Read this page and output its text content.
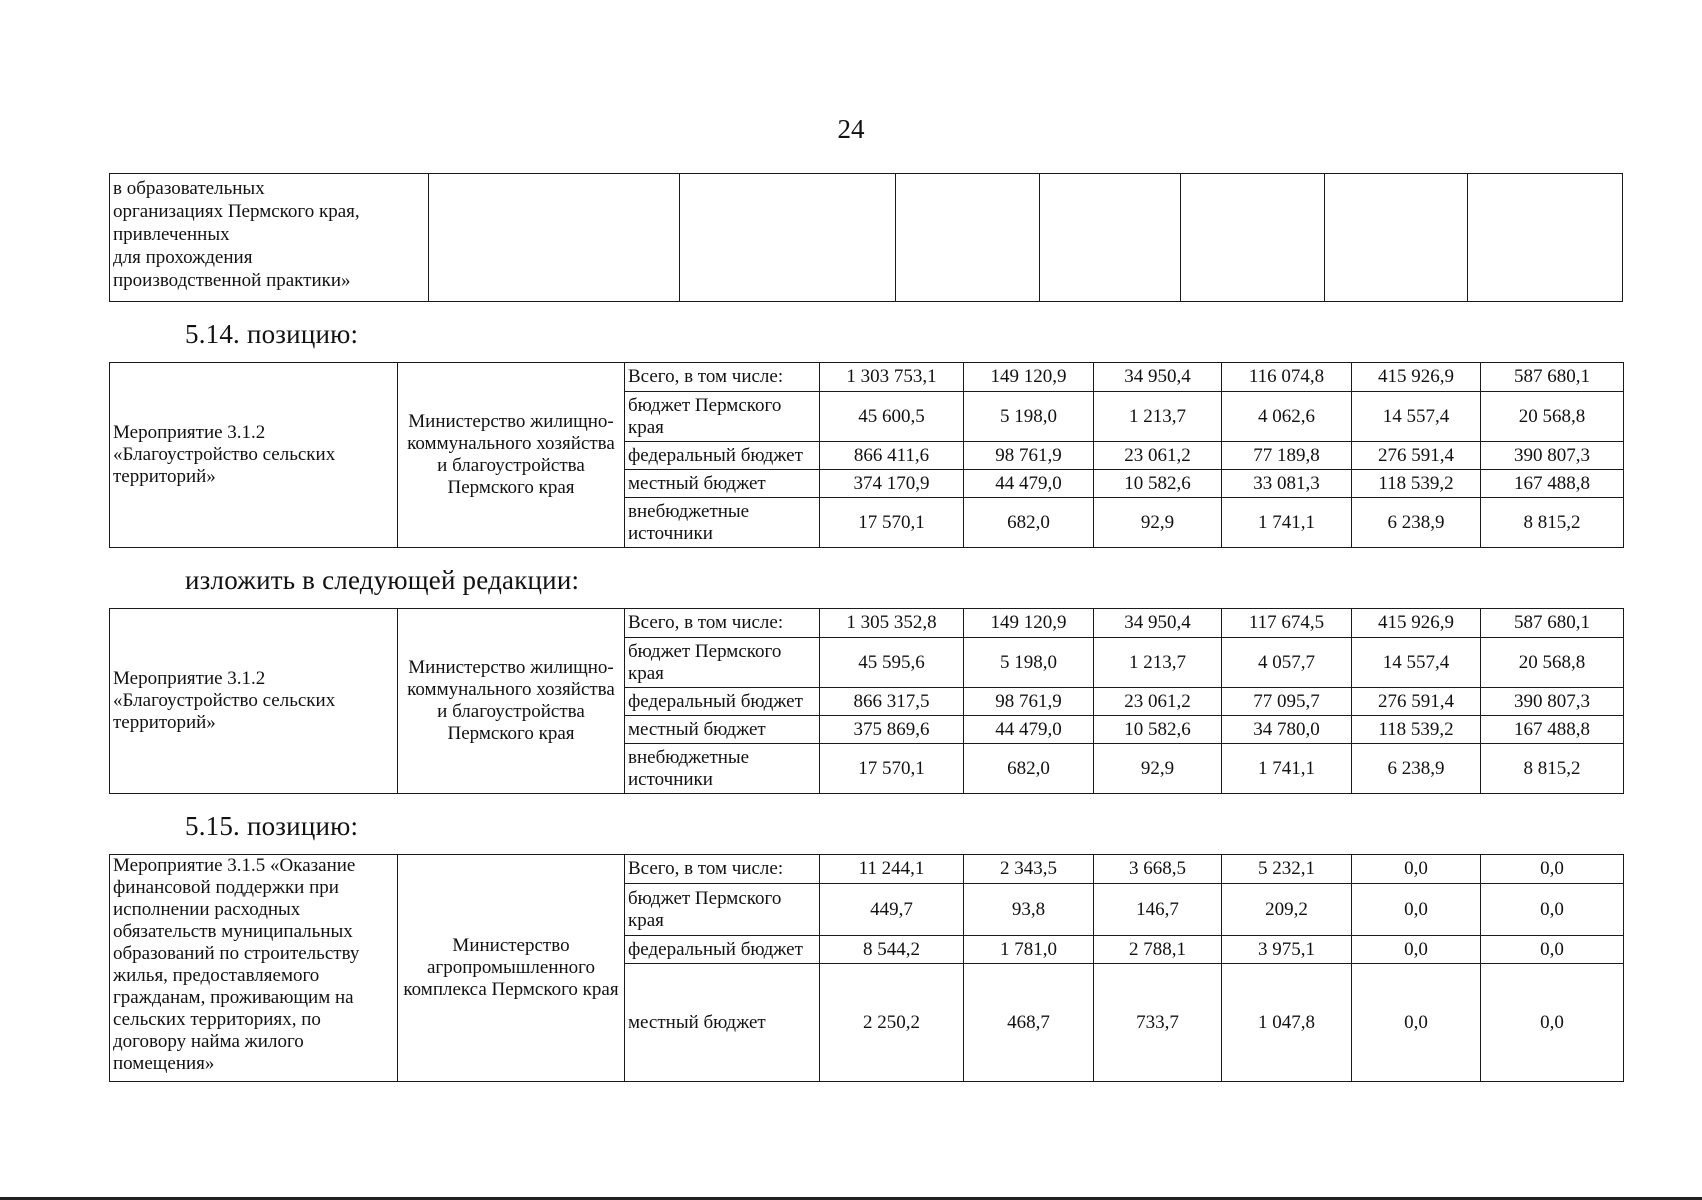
24
в образовательных
организациях Пермского края,
привлеченных
для прохождения
производственной практики»

5.14. позицию:
Мероприятие 3.1.2 «Благоустройство сельских территорий»	Министерство жилищно-коммунального хозяйства и благоустройства Пермского края	Всего, в том числе:	1 303 753,1	149 120,9	34 950,4	116 074,8	415 926,9	587 680,1
		бюджет Пермского края	45 600,5	5 198,0	1 213,7	4 062,6	14 557,4	20 568,8
		федеральный бюджет	866 411,6	98 761,9	23 061,2	77 189,8	276 591,4	390 807,3
		местный бюджет	374 170,9	44 479,0	10 582,6	33 081,3	118 539,2	167 488,8
		внебюджетные источники	17 570,1	682,0	92,9	1 741,1	6 238,9	8 815,2
изложить в следующей редакции:
Мероприятие 3.1.2 «Благоустройство сельских территорий»	Министерство жилищно-коммунального хозяйства и благоустройства Пермского края	Всего, в том числе:	1 305 352,8	149 120,9	34 950,4	117 674,5	415 926,9	587 680,1
		бюджет Пермского края	45 595,6	5 198,0	1 213,7	4 057,7	14 557,4	20 568,8
		федеральный бюджет	866 317,5	98 761,9	23 061,2	77 095,7	276 591,4	390 807,3
		местный бюджет	375 869,6	44 479,0	10 582,6	34 780,0	118 539,2	167 488,8
		внебюджетные источники	17 570,1	682,0	92,9	1 741,1	6 238,9	8 815,2
5.15. позицию:
Мероприятие 3.1.5 «Оказание финансовой поддержки при исполнении расходных обязательств муниципальных образований по строительству жилья, предоставляемого гражданам, проживающим на сельских территориях, по договору найма жилого помещения»	Министерство агропромышленного комплекса Пермского края	Всего, в том числе:	11 244,1	2 343,5	3 668,5	5 232,1	0,0	0,0
		бюджет Пермского края	449,7	93,8	146,7	209,2	0,0	0,0
		федеральный бюджет	8 544,2	1 781,0	2 788,1	3 975,1	0,0	0,0
		местный бюджет	2 250,2	468,7	733,7	1 047,8	0,0	0,0
